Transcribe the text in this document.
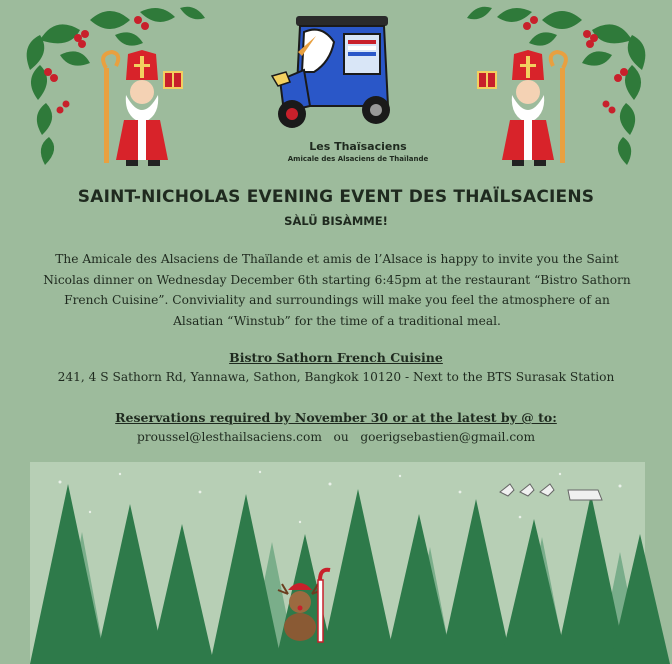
Les Thaïsaciens
Amicale des Alsaciens de Thaïlande
SAINT-NICHOLAS EVENING EVENT DES THAÏLSACIENS
SÀLÜ BISÀMME!
The Amicale des Alsaciens de Thaïlande et amis de l’Alsace is happy to invite you the Saint Nicolas dinner on Wednesday December 6th starting 6:45pm at the restaurant “Bistro Sathorn French Cuisine”. Conviviality and surroundings will make you feel the atmosphere of an Alsatian “Winstub” for the time of a traditional meal.
Bistro Sathorn French Cuisine
241, 4 S Sathorn Rd, Yannawa, Sathon, Bangkok 10120 - Next to the BTS Surasak Station
Reservations required by November 30 or at the latest by @ to:
proussel@lesthailsaciens.com ou goerigsebastien@gmail.com
